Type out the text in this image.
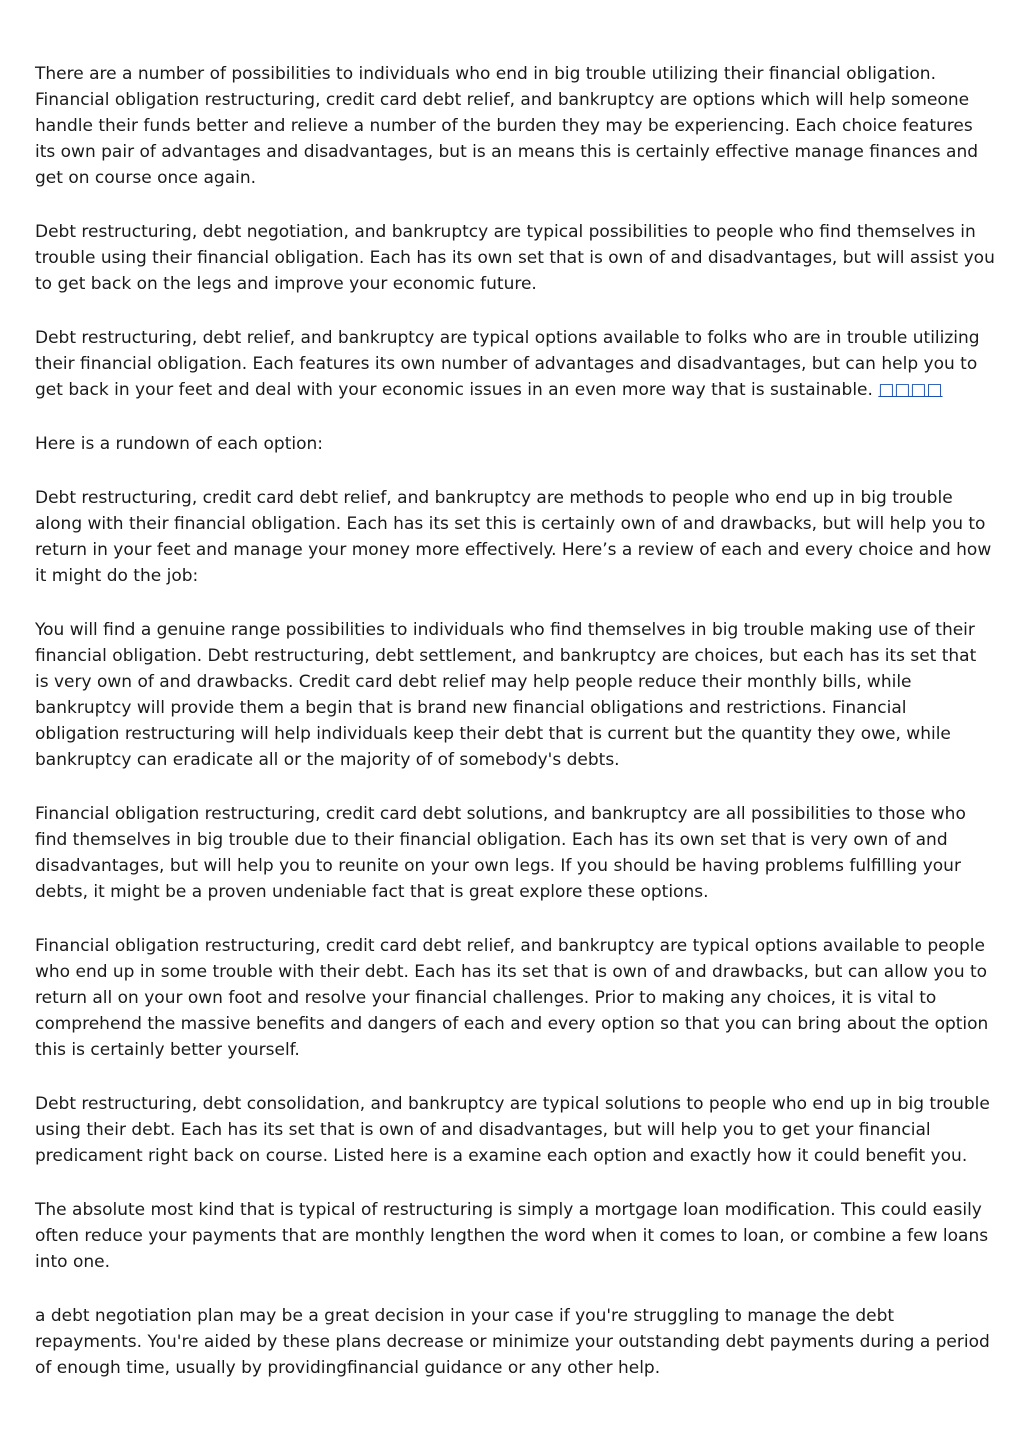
There are a number of possibilities to individuals who end in big trouble utilizing their financial obligation. Financial obligation restructuring, credit card debt relief, and bankruptcy are options which will help someone handle their funds better and relieve a number of the burden they may be experiencing. Each choice features its own pair of advantages and disadvantages, but is an means this is certainly effective manage finances and get on course once again.

Debt restructuring, debt negotiation, and bankruptcy are typical possibilities to people who find themselves in trouble using their financial obligation. Each has its own set that is own of and disadvantages, but will assist you to get back on the legs and improve your economic future.

Debt restructuring, debt relief, and bankruptcy are typical options available to folks who are in trouble utilizing their financial obligation. Each features its own number of advantages and disadvantages, but can help you to get back in your feet and deal with your economic issues in an even more way that is sustainable. □□□□

Here is a rundown of each option:

Debt restructuring, credit card debt relief, and bankruptcy are methods to people who end up in big trouble along with their financial obligation. Each has its set this is certainly own of and drawbacks, but will help you to return in your feet and manage your money more effectively. Here’s a review of each and every choice and how it might do the job:

You will find a genuine range possibilities to individuals who find themselves in big trouble making use of their financial obligation. Debt restructuring, debt settlement, and bankruptcy are choices, but each has its set that is very own of and drawbacks. Credit card debt relief may help people reduce their monthly bills, while bankruptcy will provide them a begin that is brand new financial obligations and restrictions. Financial obligation restructuring will help individuals keep their debt that is current but the quantity they owe, while bankruptcy can eradicate all or the majority of of somebody's debts.

Financial obligation restructuring, credit card debt solutions, and bankruptcy are all possibilities to those who find themselves in big trouble due to their financial obligation. Each has its own set that is very own of and disadvantages, but will help you to reunite on your own legs. If you should be having problems fulfilling your debts, it might be a proven undeniable fact that is great explore these options.

Financial obligation restructuring, credit card debt relief, and bankruptcy are typical options available to people who end up in some trouble with their debt. Each has its set that is own of and drawbacks, but can allow you to return all on your own foot and resolve your financial challenges. Prior to making any choices, it is vital to comprehend the massive benefits and dangers of each and every option so that you can bring about the option this is certainly better yourself.

Debt restructuring, debt consolidation, and bankruptcy are typical solutions to people who end up in big trouble using their debt. Each has its set that is own of and disadvantages, but will help you to get your financial predicament right back on course. Listed here is a examine each option and exactly how it could benefit you.

The absolute most kind that is typical of restructuring is simply a mortgage loan modification. This could easily often reduce your payments that are monthly lengthen the word when it comes to loan, or combine a few loans into one.

a debt negotiation plan may be a great decision in your case if you're struggling to manage the debt repayments. You're aided by these plans decrease or minimize your outstanding debt payments during a period of enough time, usually by providingfinancial guidance or any other help.
